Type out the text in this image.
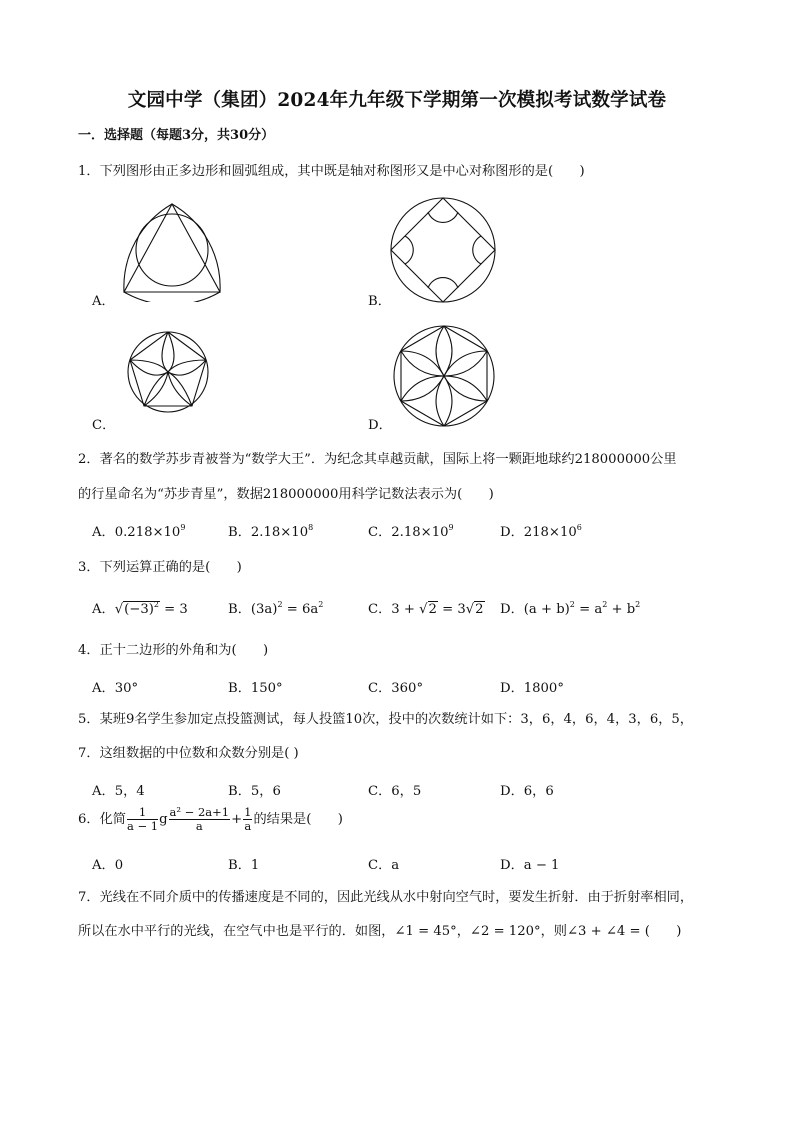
文园中学（集团）2024年九年级下学期第一次模拟考试数学试卷
一．选择题（每题3分，共30分）
1．下列图形由正多边形和圆弧组成，其中既是轴对称图形又是中心对称图形的是(　　)
A．	B．
C．	D．
2．著名的数学苏步青被誉为“数学大王”．为纪念其卓越贡献，国际上将一颗距地球约218000000公里
的行星命名为“苏步青星”，数据218000000用科学记数法表示为(　　)
A．$0.218\times 10^9$	B．$2.18\times 10^8$	C．$2.18\times 10^9$	D．$218\times 10^6$
3．下列运算正确的是(　　)
A．$√(-3)^2 = 3$	B．$(3a)^2 = 6a^2$	C．3 + √2 = 3√2 D．$(a + b)^2 = a^2 + b^2$
4．正十二边形的外角和为(　　)
A．30°	B．150°	C．360°	D．1800°
5．某班9名学生参加定点投篮测试，每人投篮10次，投中的次数统计如下：3，6，4，6，4，3，6，5，
7．这组数据的中位数和众数分别是( )
A．5，4	B．5，6	C．6，5	D．6，6
6．化简 $\frac{1}{a - 1}$ g $\frac{\text{a² − 2a+1}}{a} + \frac{1}{a}$ 的结果是(　　)
A．0	B．1	C．a	D．a − 1
7．光线在不同介质中的传播速度是不同的，因此光线从水中射向空气时，要发生折射．由于折射率相同，
所以在水中平行的光线，在空气中也是平行的．如图，∠1 = 45°，∠2 = 120°，则∠3 + ∠4 = (　　)
